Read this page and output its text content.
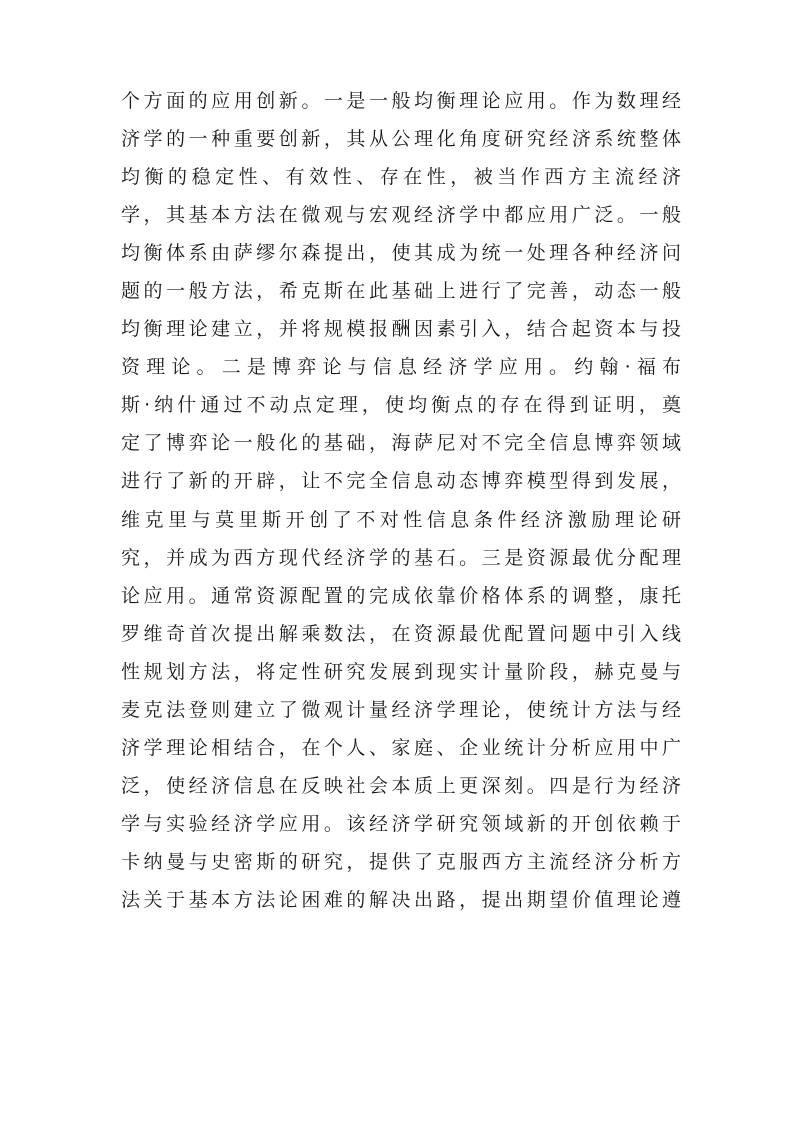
个方面的应用创新。一是一般均衡理论应用。作为数理经
济学的一种重要创新，其从公理化角度研究经济系统整体
均衡的稳定性、有效性、存在性，被当作西方主流经济
学，其基本方法在微观与宏观经济学中都应用广泛。一般
均衡体系由萨缪尔森提出，使其成为统一处理各种经济问
题的一般方法，希克斯在此基础上进行了完善，动态一般
均衡理论建立，并将规模报酬因素引入，结合起资本与投
资理论。二是博弈论与信息经济学应用。约翰·福布
斯·纳什通过不动点定理，使均衡点的存在得到证明，奠
定了博弈论一般化的基础，海萨尼对不完全信息博弈领域
进行了新的开辟，让不完全信息动态博弈模型得到发展，
维克里与莫里斯开创了不对性信息条件经济激励理论研
究，并成为西方现代经济学的基石。三是资源最优分配理
论应用。通常资源配置的完成依靠价格体系的调整，康托
罗维奇首次提出解乘数法，在资源最优配置问题中引入线
性规划方法，将定性研究发展到现实计量阶段，赫克曼与
麦克法登则建立了微观计量经济学理论，使统计方法与经
济学理论相结合，在个人、家庭、企业统计分析应用中广
泛，使经济信息在反映社会本质上更深刻。四是行为经济
学与实验经济学应用。该经济学研究领域新的开创依赖于
卡纳曼与史密斯的研究，提供了克服西方主流经济分析方
法关于基本方法论困难的解决出路，提出期望价值理论遵
